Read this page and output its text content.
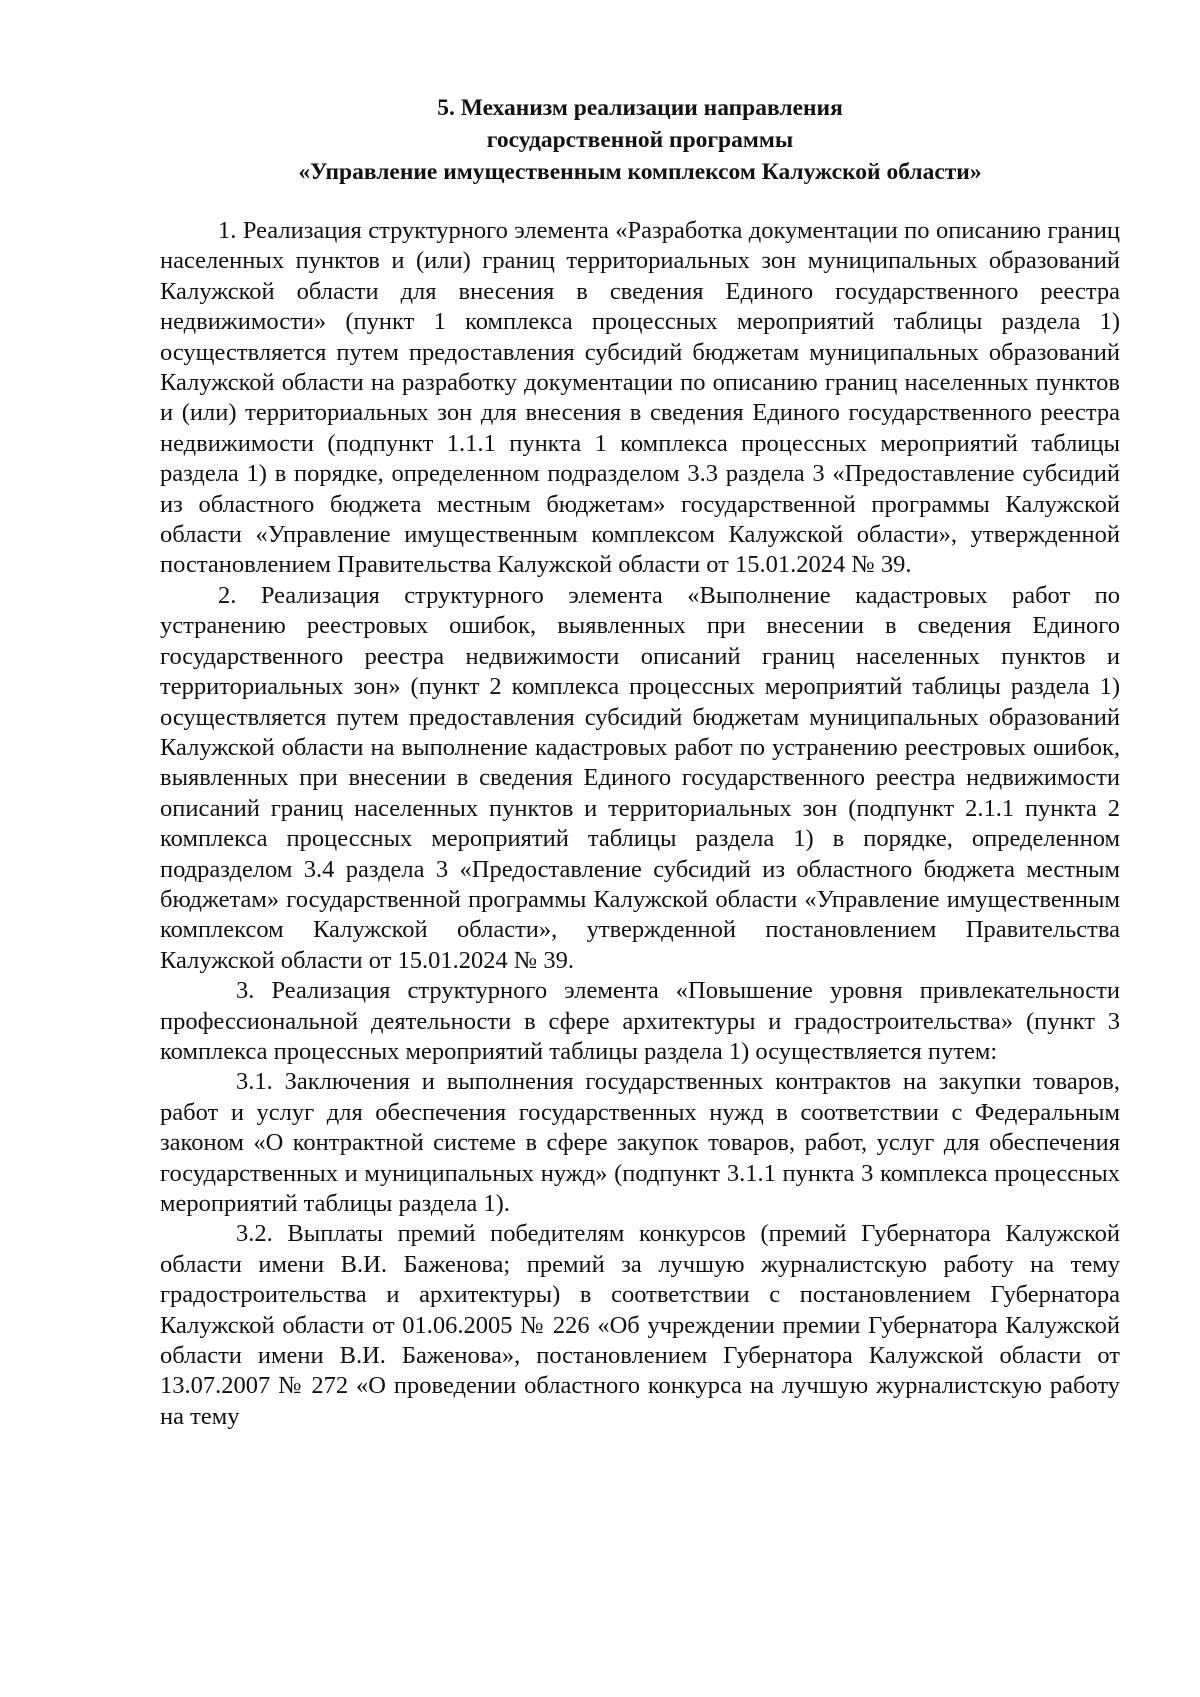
5. Механизм реализации направления
государственной программы
«Управление имущественным комплексом Калужской области»

1. Реализация структурного элемента «Разработка документации по описанию границ населенных пунктов и (или) границ территориальных зон муниципальных образований Калужской области для внесения в сведения Единого государственного реестра недвижимости» (пункт 1 комплекса процессных мероприятий таблицы раздела 1) осуществляется путем предоставления субсидий бюджетам муниципальных образований Калужской области на разработку документации по описанию границ населенных пунктов и (или) территориальных зон для внесения в сведения Единого государственного реестра недвижимости (подпункт 1.1.1 пункта 1 комплекса процессных мероприятий таблицы раздела 1) в порядке, определенном подразделом 3.3 раздела 3 «Предоставление субсидий из областного бюджета местным бюджетам» государственной программы Калужской области «Управление имущественным комплексом Калужской области», утвержденной постановлением Правительства Калужской области от 15.01.2024 № 39.

2. Реализация структурного элемента «Выполнение кадастровых работ по устранению реестровых ошибок, выявленных при внесении в сведения Единого государственного реестра недвижимости описаний границ населенных пунктов и территориальных зон» (пункт 2 комплекса процессных мероприятий таблицы раздела 1) осуществляется путем предоставления субсидий бюджетам муниципальных образований Калужской области на выполнение кадастровых работ по устранению реестровых ошибок, выявленных при внесении в сведения Единого государственного реестра недвижимости описаний границ населенных пунктов и территориальных зон (подпункт 2.1.1 пункта 2 комплекса процессных мероприятий таблицы раздела 1) в порядке, определенном подразделом 3.4 раздела 3 «Предоставление субсидий из областного бюджета местным бюджетам» государственной программы Калужской области «Управление имущественным комплексом Калужской области», утвержденной постановлением Правительства Калужской области от 15.01.2024 № 39.

3. Реализация структурного элемента «Повышение уровня привлекательности профессиональной деятельности в сфере архитектуры и градостроительства» (пункт 3 комплекса процессных мероприятий таблицы раздела 1) осуществляется путем:

3.1. Заключения и выполнения государственных контрактов на закупки товаров, работ и услуг для обеспечения государственных нужд в соответствии с Федеральным законом «О контрактной системе в сфере закупок товаров, работ, услуг для обеспечения государственных и муниципальных нужд» (подпункт 3.1.1 пункта 3 комплекса процессных мероприятий таблицы раздела 1).

3.2. Выплаты премий победителям конкурсов (премий Губернатора Калужской области имени В.И. Баженова; премий за лучшую журналистскую работу на тему градостроительства и архитектуры) в соответствии с постановлением Губернатора Калужской области от 01.06.2005 № 226 «Об учреждении премии Губернатора Калужской области имени В.И. Баженова», постановлением Губернатора Калужской области от 13.07.2007 № 272 «О проведении областного конкурса на лучшую журналистскую работу на тему
